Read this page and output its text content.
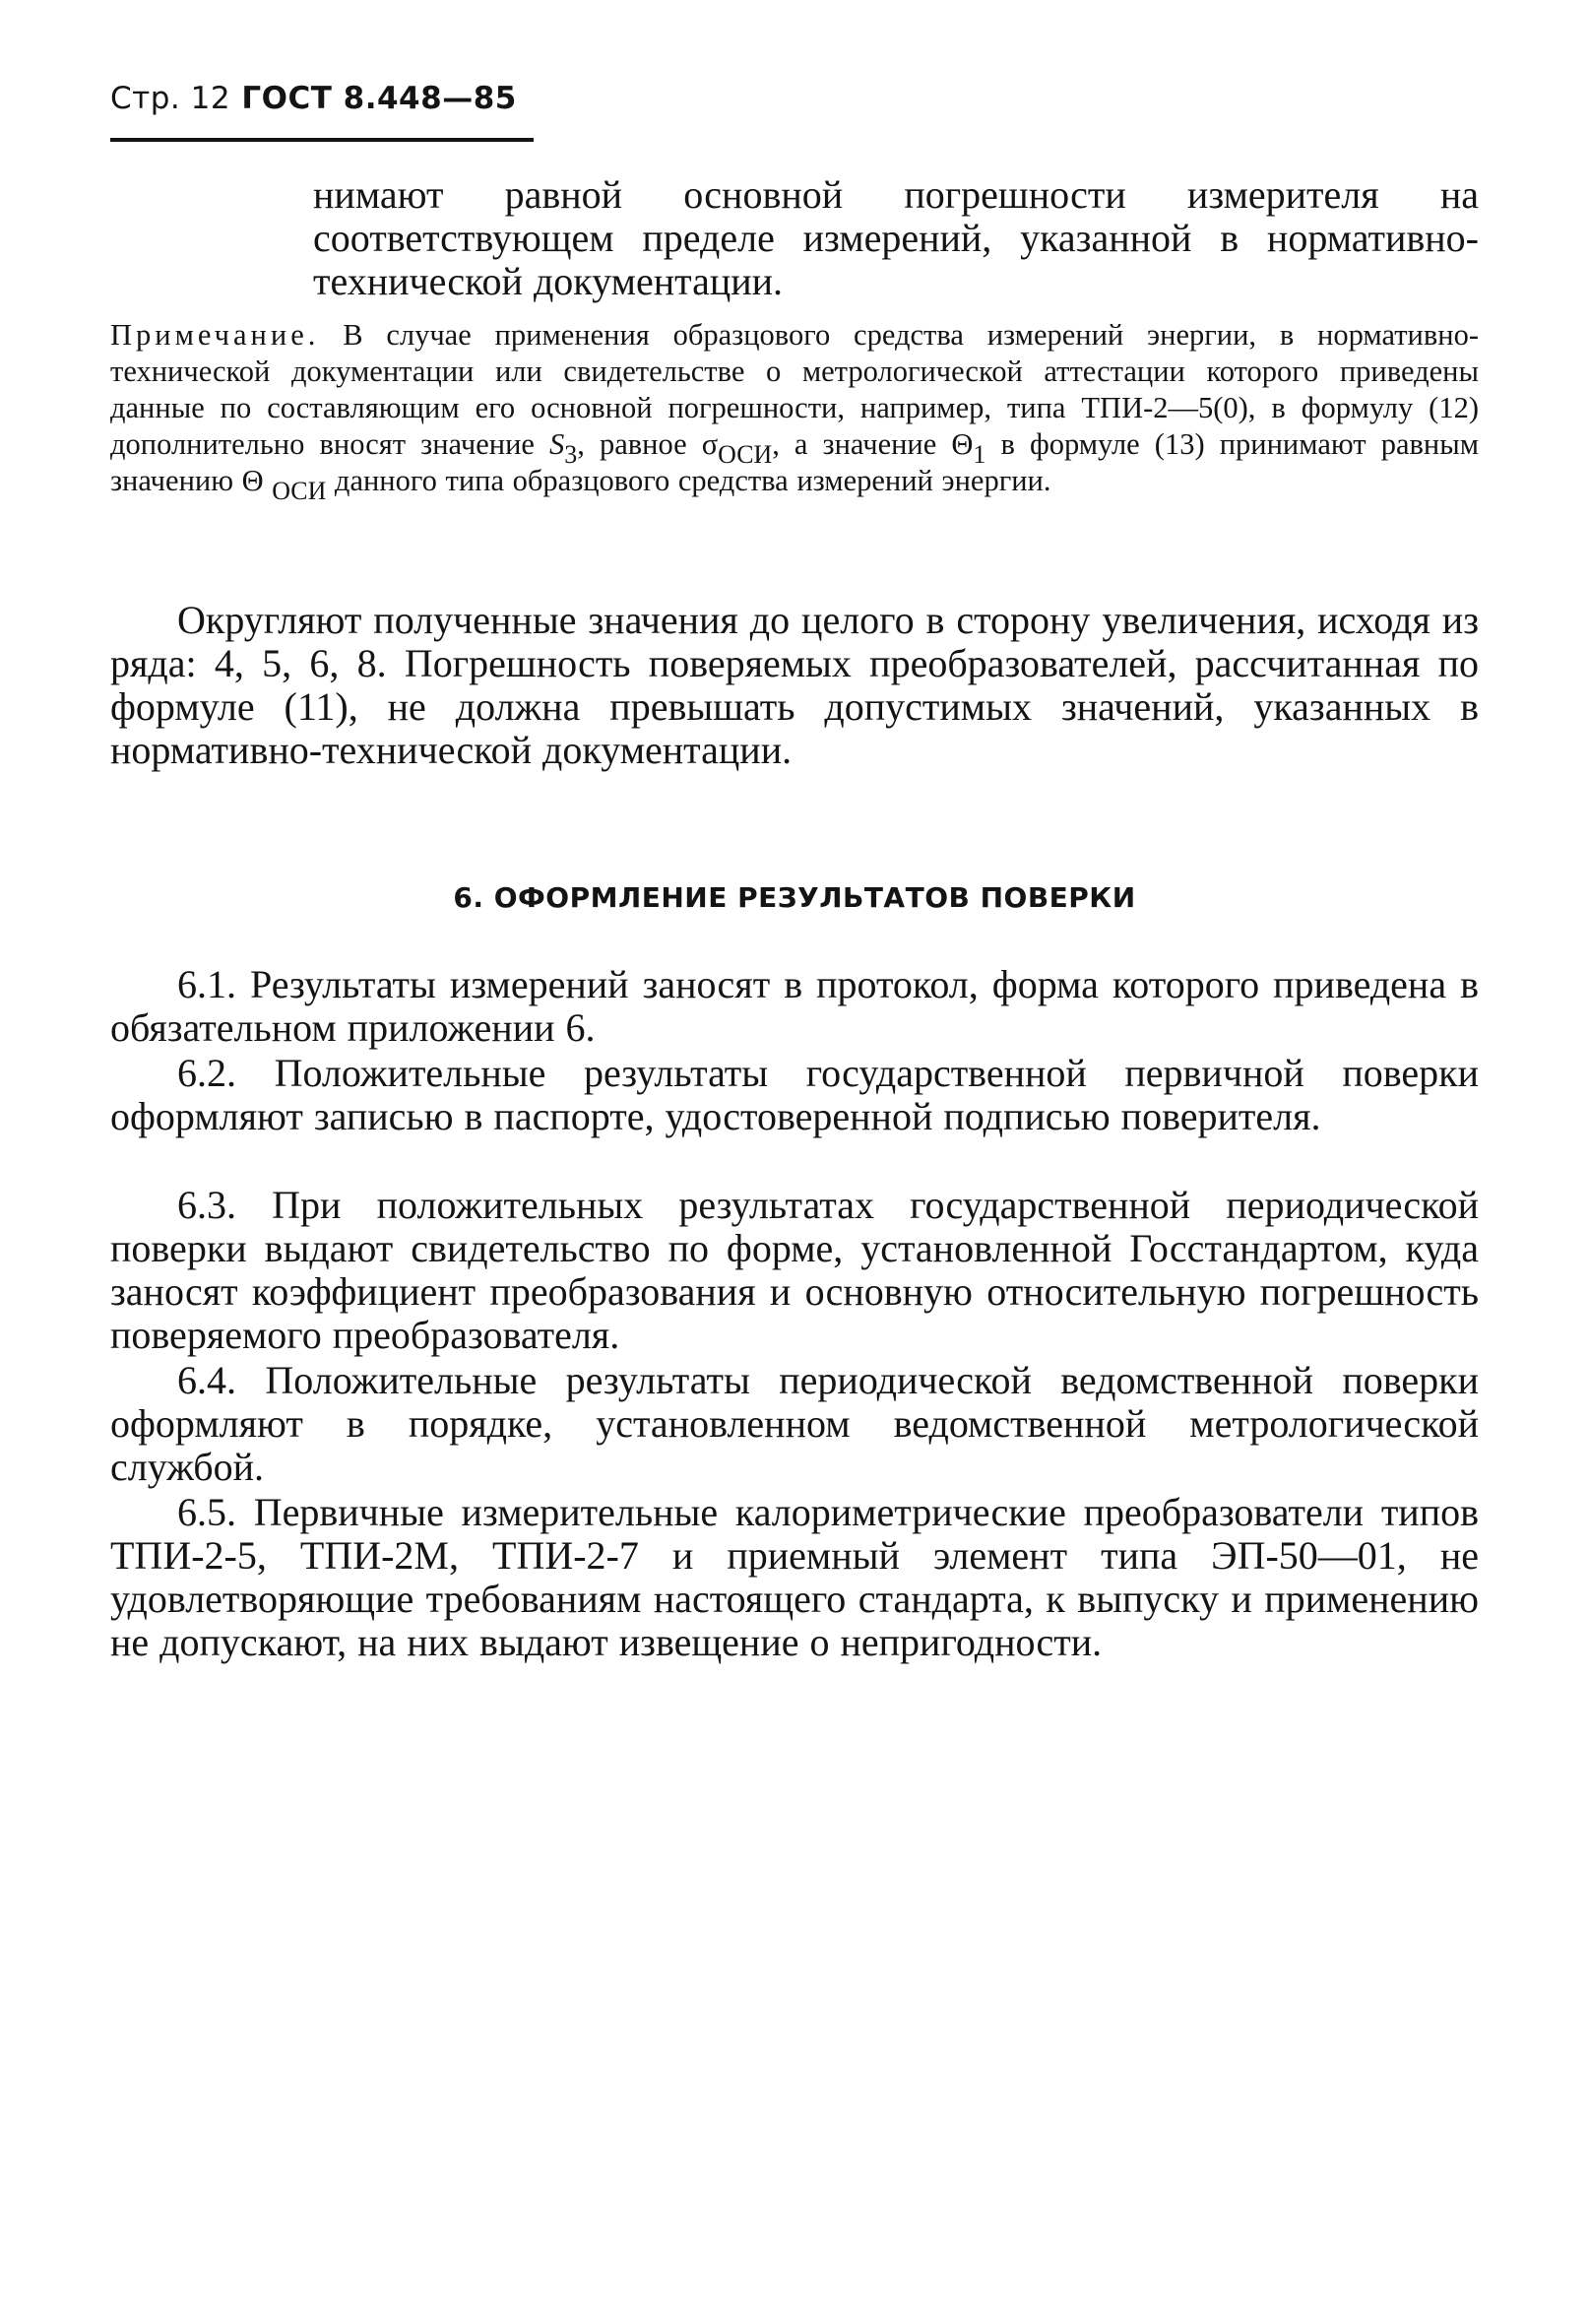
Стр. 12 ГОСТ 8.448—85

нимают равной основной погрешности измерителя на соответствующем пределе измерений, указанной в нормативно-технической документации.

Примечание. В случае применения образцового средства измерений энергии, в нормативно-технической документации или свидетельстве о метрологической аттестации которого приведены данные по составляющим его основной погрешности, например, типа ТПИ-2—5(0), в формулу (12) дополнительно вносят значение $S_3$, равное $\sigma_{ОСИ}$, а значение $\Theta_1$ в формуле (13) принимают равным значению Θ $_{ОСИ}$ данного типа образцового средства измерений энергии.

Округляют полученные значения до целого в сторону увеличения, исходя из ряда: 4, 5, 6, 8. Погрешность поверяемых преобразователей, рассчитанная по формуле (11), не должна превышать допустимых значений, указанных в нормативно-технической документации.

6. ОФОРМЛЕНИЕ РЕЗУЛЬТАТОВ ПОВЕРКИ

6.1. Результаты измерений заносят в протокол, форма которого приведена в обязательном приложении 6.

6.2. Положительные результаты государственной первичной поверки оформляют записью в паспорте, удостоверенной подписью поверителя.

6.3. При положительных результатах государственной периодической поверки выдают свидетельство по форме, установленной Госстандартом, куда заносят коэффициент преобразования и основную относительную погрешность поверяемого преобразователя.

6.4. Положительные результаты периодической ведомственной поверки оформляют в порядке, установленном ведомственной метрологической службой.

6.5. Первичные измерительные калориметрические преобразователи типов ТПИ-2-5, ТПИ-2М, ТПИ-2-7 и приемный элемент типа ЭП-50—01, не удовлетворяющие требованиям настоящего стандарта, к выпуску и применению не допускают, на них выдают извещение о непригодности.
